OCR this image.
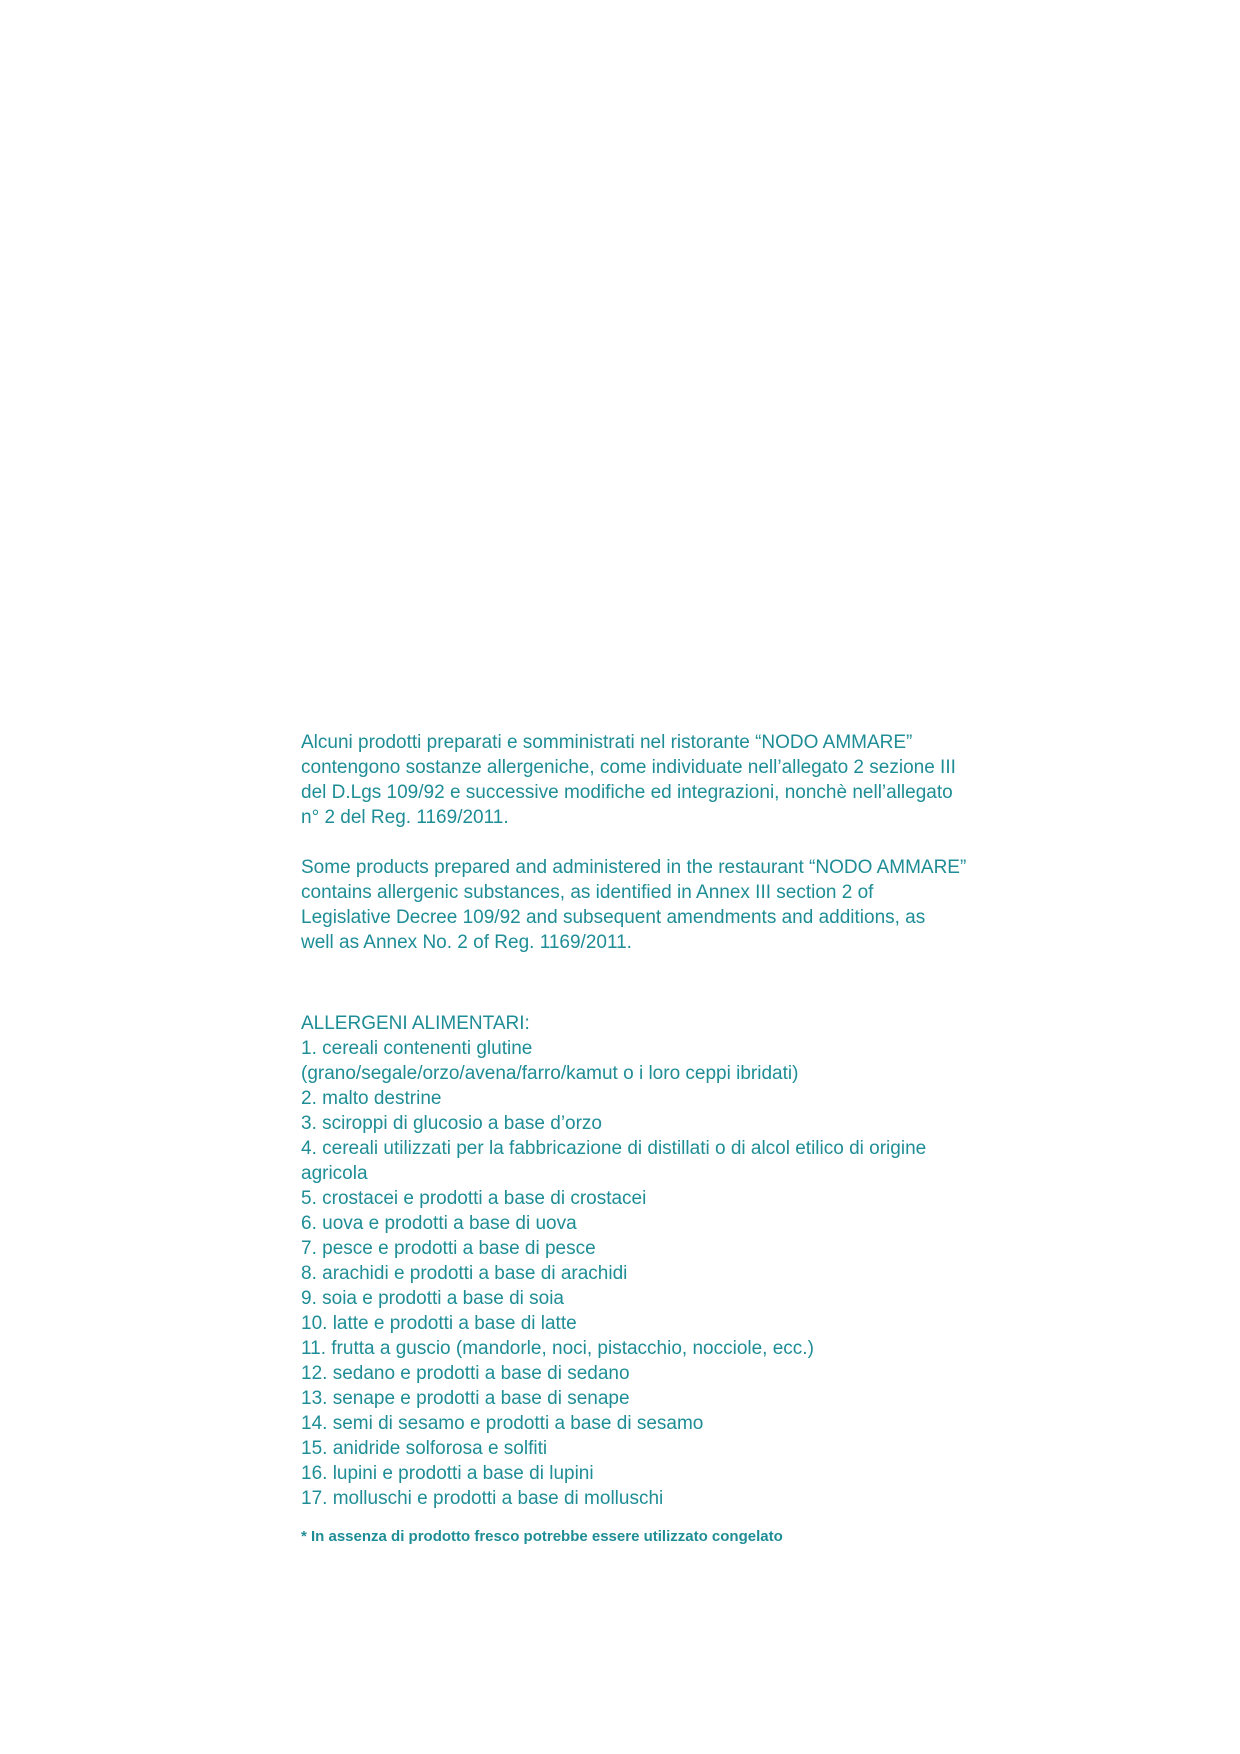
Alcuni prodotti preparati e somministrati nel ristorante “NODO AMMARE”
contengono sostanze allergeniche, come individuate nell’allegato 2 sezione III
del D.Lgs 109/92 e successive modifiche ed integrazioni, nonchè nell’allegato
n° 2 del Reg. 1169/2011.

Some products prepared and administered in the restaurant “NODO AMMARE”
contains allergenic substances, as identified in Annex III section 2 of
Legislative Decree 109/92 and subsequent amendments and additions, as
well as Annex No. 2 of Reg. 1169/2011.

ALLERGENI ALIMENTARI:

1. cereali contenenti glutine
(grano/segale/orzo/avena/farro/kamut o i loro ceppi ibridati)
2. malto destrine
3. sciroppi di glucosio a base d’orzo
4. cereali utilizzati per la fabbricazione di distillati o di alcol etilico di origine
agricola
5. crostacei e prodotti a base di crostacei
6. uova e prodotti a base di uova
7. pesce e prodotti a base di pesce
8. arachidi e prodotti a base di arachidi
9. soia e prodotti a base di soia
10. latte e prodotti a base di latte
11. frutta a guscio (mandorle, noci, pistacchio, nocciole, ecc.)
12. sedano e prodotti a base di sedano
13. senape e prodotti a base di senape
14. semi di sesamo e prodotti a base di sesamo
15. anidride solforosa e solfiti
16. lupini e prodotti a base di lupini
17. molluschi e prodotti a base di molluschi

* In assenza di prodotto fresco potrebbe essere utilizzato congelato
